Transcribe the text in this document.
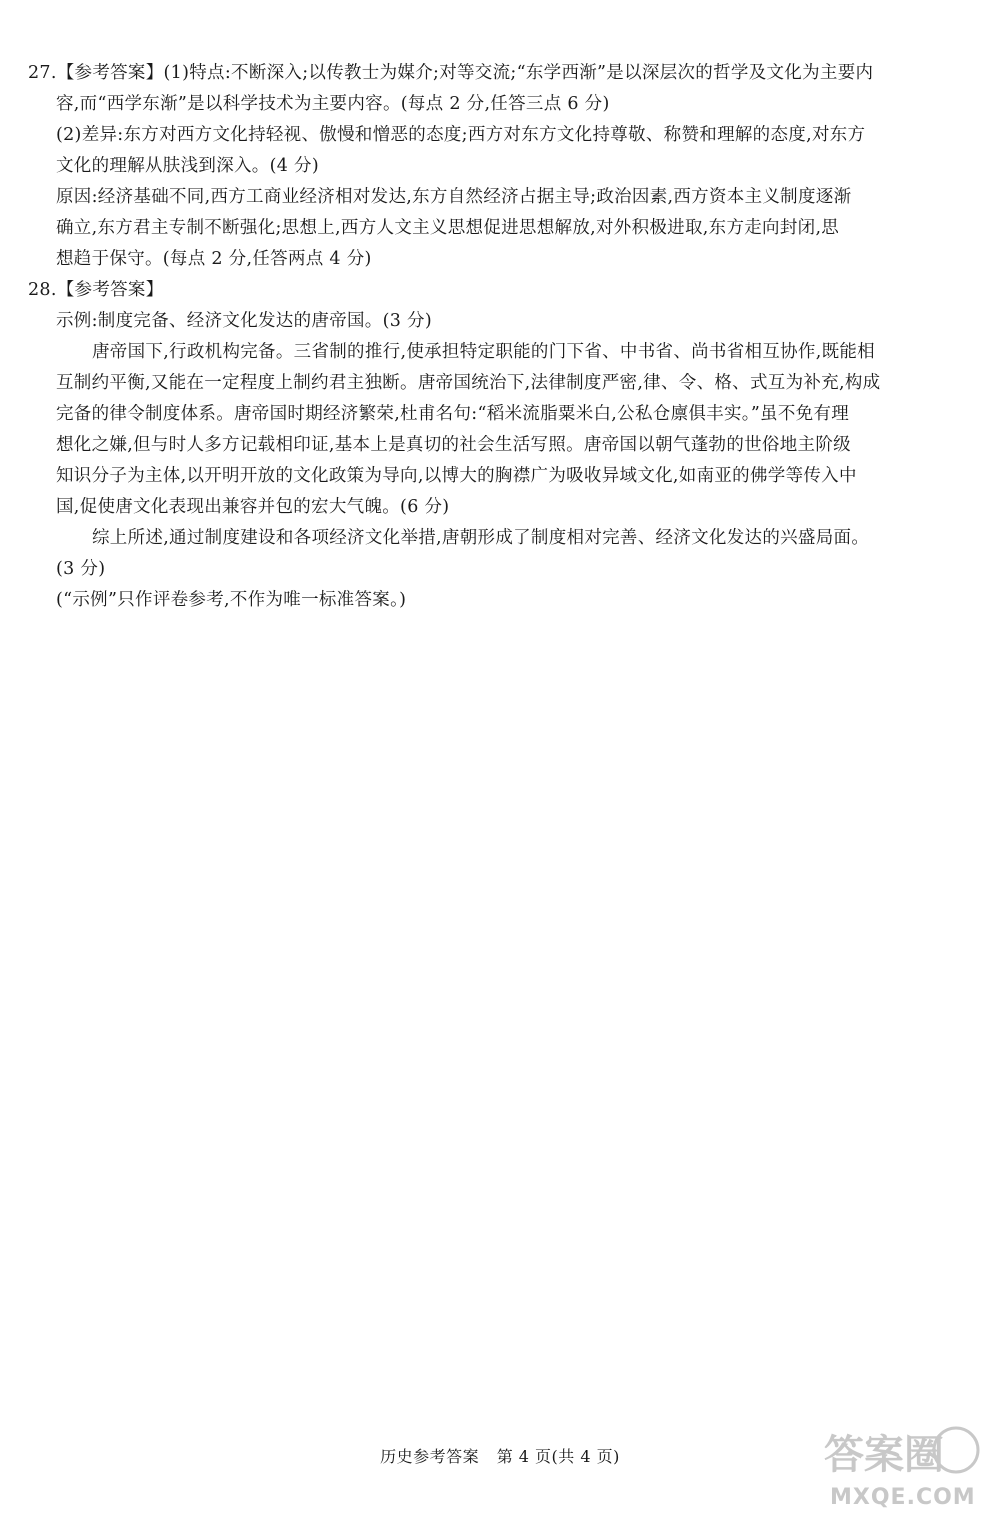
27.【参考答案】(1)特点:不断深入;以传教士为媒介;对等交流;“东学西渐”是以深层次的哲学及文化为主要内

容,而“西学东渐”是以科学技术为主要内容。(每点 2 分,任答三点 6 分)

(2)差异:东方对西方文化持轻视、傲慢和憎恶的态度;西方对东方文化持尊敬、称赞和理解的态度,对东方

文化的理解从肤浅到深入。(4 分)

原因:经济基础不同,西方工商业经济相对发达,东方自然经济占据主导;政治因素,西方资本主义制度逐渐

确立,东方君主专制不断强化;思想上,西方人文主义思想促进思想解放,对外积极进取,东方走向封闭,思

想趋于保守。(每点 2 分,任答两点 4 分)

28.【参考答案】

示例:制度完备、经济文化发达的唐帝国。(3 分)

唐帝国下,行政机构完备。三省制的推行,使承担特定职能的门下省、中书省、尚书省相互协作,既能相

互制约平衡,又能在一定程度上制约君主独断。唐帝国统治下,法律制度严密,律、令、格、式互为补充,构成

完备的律令制度体系。唐帝国时期经济繁荣,杜甫名句:“稻米流脂粟米白,公私仓廪俱丰实。”虽不免有理

想化之嫌,但与时人多方记载相印证,基本上是真切的社会生活写照。唐帝国以朝气蓬勃的世俗地主阶级

知识分子为主体,以开明开放的文化政策为导向,以博大的胸襟广为吸收异域文化,如南亚的佛学等传入中

国,促使唐文化表现出兼容并包的宏大气魄。(6 分)

综上所述,通过制度建设和各项经济文化举措,唐朝形成了制度相对完善、经济文化发达的兴盛局面。

(3 分)

(“示例”只作评卷参考,不作为唯一标准答案。)

历史参考答案 第 4 页(共 4 页)	答案圈
MXQE.COM
